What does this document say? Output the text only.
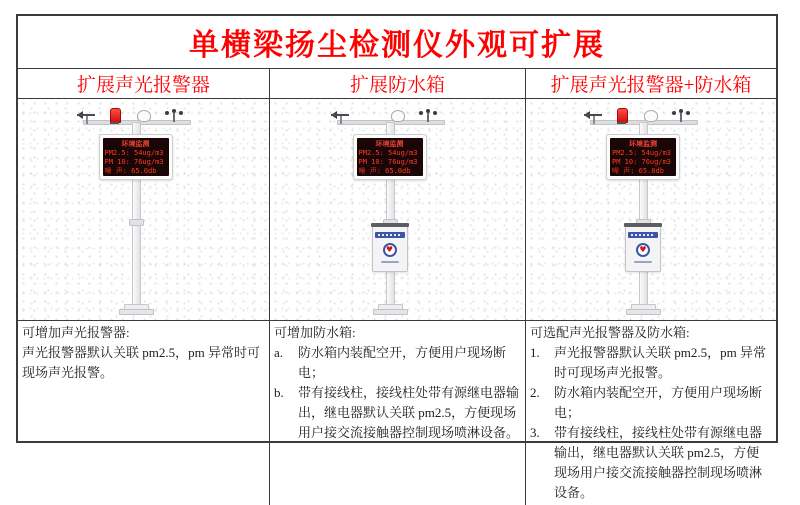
单横梁扬尘检测仪外观可扩展
扩展声光报警器	扩展防水箱	扩展声光报警器+防水箱
环境监测
PM2.5: 54ug/m3
PM 10: 76ug/m3
噪 声: 65.0db
环境监测
PM2.5: 54ug/m3
PM 10: 76ug/m3
噪 声: 65.0db
♥
环境监测
PM2.5: 54ug/m3
PM 10: 76ug/m3
噪 声: 65.0db
♥
可增加声光报警器:
声光报警器默认关联 pm2.5，pm 异常时可现场声光报警。
可增加防水箱:
a.	防水箱内装配空开，方便用户现场断电；
b.	带有接线柱，接线柱处带有源继电器输出，继电器默认关联 pm2.5，方便现场用户接交流接触器控制现场喷淋设备。
可选配声光报警器及防水箱:
1.	声光报警器默认关联 pm2.5，pm 异常时可现场声光报警。
2.	防水箱内装配空开，方便用户现场断电；
3.	带有接线柱，接线柱处带有源继电器输出，继电器默认关联 pm2.5，方便现场用户接交流接触器控制现场喷淋设备。
